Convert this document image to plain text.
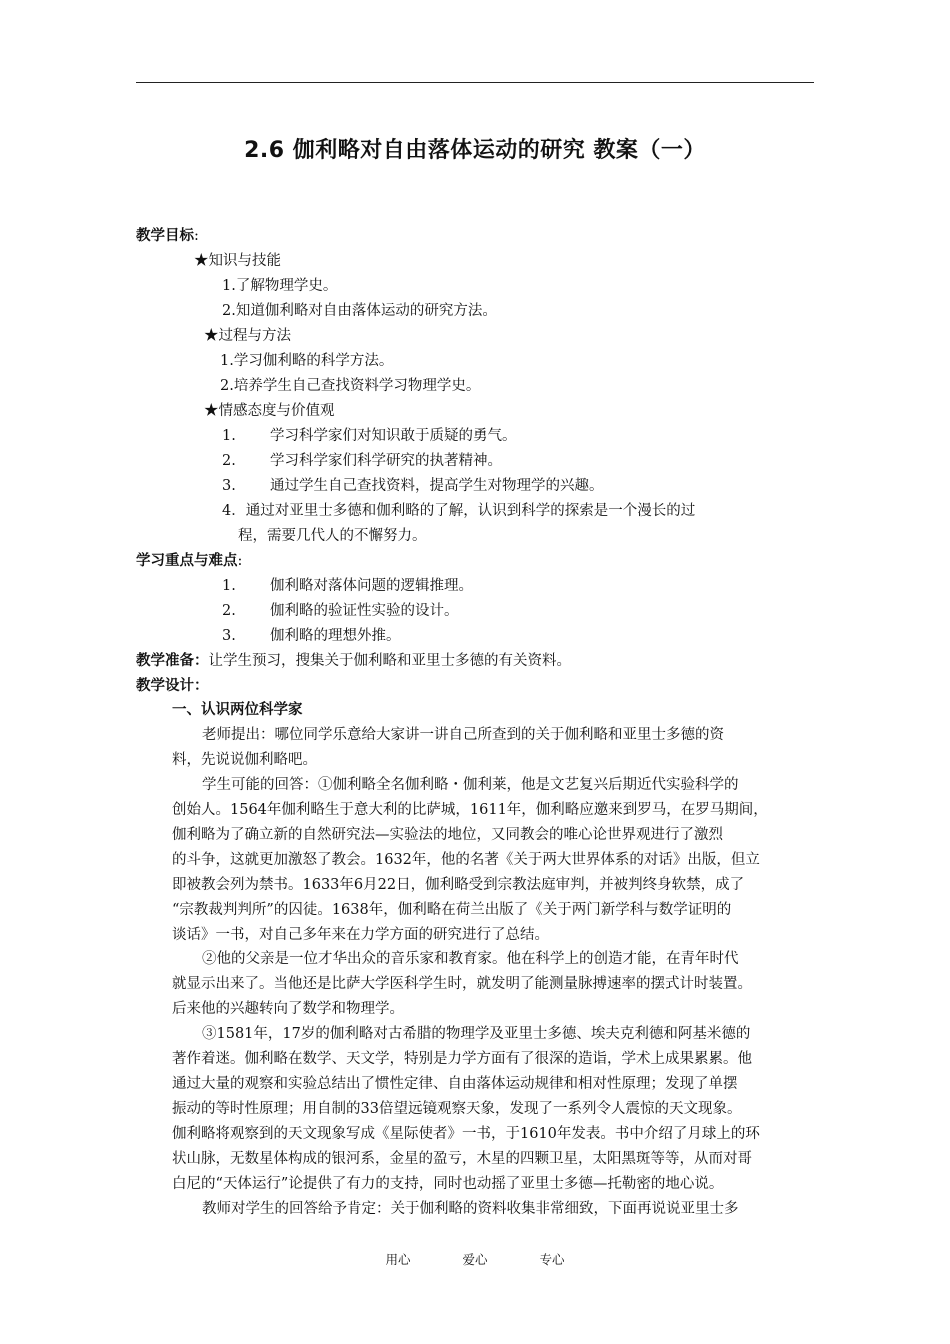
2.6 伽利略对自由落体运动的研究 教案（一）
教学目标:
★知识与技能
1.了解物理学史。
2.知道伽利略对自由落体运动的研究方法。
★过程与方法
1.学习伽利略的科学方法。
2.培养学生自己查找资料学习物理学史。
★情感态度与价值观
1. 学习科学家们对知识敢于质疑的勇气。
2. 学习科学家们科学研究的执著精神。
3. 通过学生自己查找资料，提高学生对物理学的兴趣。
4．通过对亚里士多德和伽利略的了解，认识到科学的探索是一个漫长的过
程，需要几代人的不懈努力。
学习重点与难点:
1. 伽利略对落体问题的逻辑推理。
2. 伽利略的验证性实验的设计。
3. 伽利略的理想外推。
教学准备：让学生预习，搜集关于伽利略和亚里士多德的有关资料。
教学设计：
一、认识两位科学家
老师提出：哪位同学乐意给大家讲一讲自己所查到的关于伽利略和亚里士多德的资
料，先说说伽利略吧。
学生可能的回答：①伽利略全名伽利略・伽利莱，他是文艺复兴后期近代实验科学的
创始人。1564年伽利略生于意大利的比萨城，1611年，伽利略应邀来到罗马，在罗马期间，
伽利略为了确立新的自然研究法—实验法的地位，又同教会的唯心论世界观进行了激烈
的斗争，这就更加激怒了教会。1632年，他的名著《关于两大世界体系的对话》出版，但立
即被教会列为禁书。1633年6月22日，伽利略受到宗教法庭审判，并被判终身软禁，成了
“宗教裁判判所”的囚徒。1638年，伽利略在荷兰出版了《关于两门新学科与数学证明的
谈话》一书，对自己多年来在力学方面的研究进行了总结。
②他的父亲是一位才华出众的音乐家和教育家。他在科学上的创造才能，在青年时代
就显示出来了。当他还是比萨大学医科学生时，就发明了能测量脉搏速率的摆式计时装置。
后来他的兴趣转向了数学和物理学。
③1581年，17岁的伽利略对古希腊的物理学及亚里士多德、埃夫克利德和阿基米德的
著作着迷。伽利略在数学、天文学，特别是力学方面有了很深的造诣，学术上成果累累。他
通过大量的观察和实验总结出了惯性定律、自由落体运动规律和相对性原理；发现了单摆
振动的等时性原理；用自制的33倍望远镜观察天象，发现了一系列令人震惊的天文现象。
伽利略将观察到的天文现象写成《星际使者》一书，于1610年发表。书中介绍了月球上的环
状山脉，无数星体构成的银河系，金星的盈亏，木星的四颗卫星，太阳黑斑等等，从而对哥
白尼的“天体运行”论提供了有力的支持，同时也动摇了亚里士多德—托勒密的地心说。
教师对学生的回答给予肯定：关于伽利略的资料收集非常细致，下面再说说亚里士多
用心	爱心	专心
